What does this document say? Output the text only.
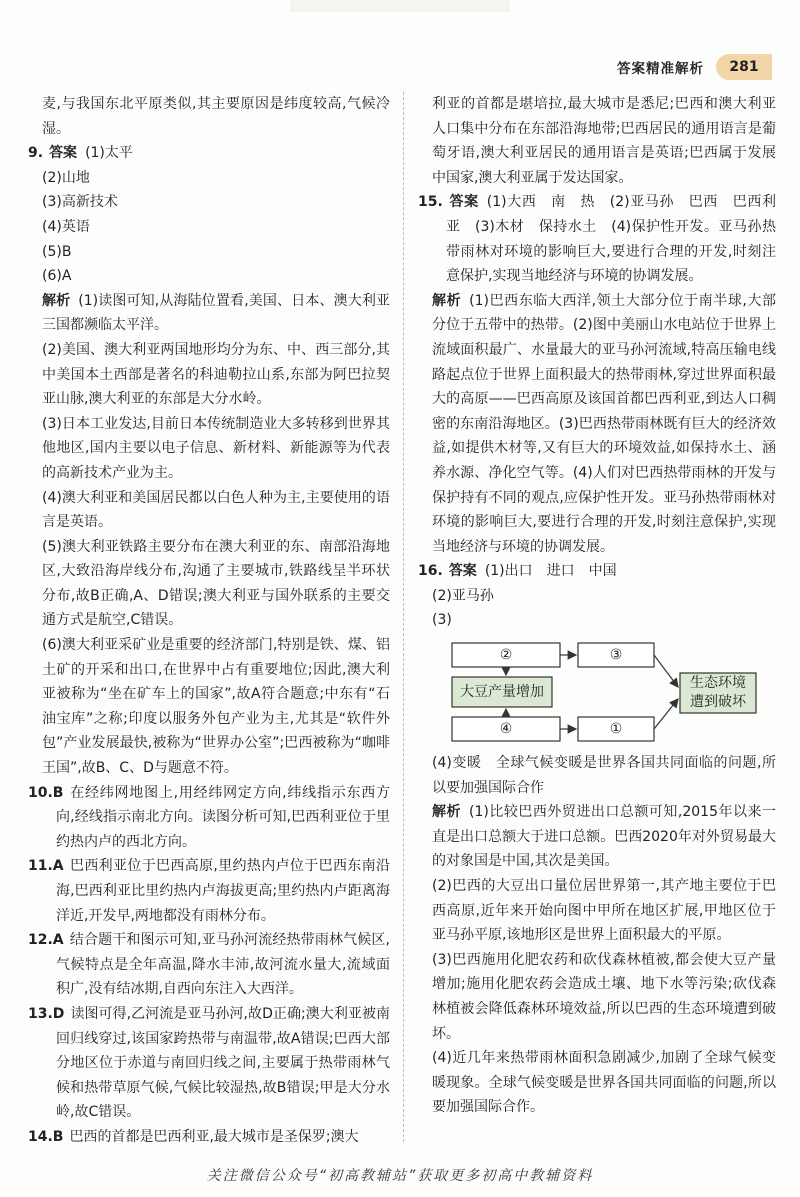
答案精准解析	281

麦,与我国东北平原类似,其主要原因是纬度较高,气候冷湿。

9. 答案 (1)太平

(2)山地

(3)高新技术

(4)英语

(5)B

(6)A

解析 (1)读图可知,从海陆位置看,美国、日本、澳大利亚三国都濒临太平洋。

(2)美国、澳大利亚两国地形均分为东、中、西三部分,其中美国本土西部是著名的科迪勒拉山系,东部为阿巴拉契亚山脉,澳大利亚的东部是大分水岭。

(3)日本工业发达,目前日本传统制造业大多转移到世界其他地区,国内主要以电子信息、新材料、新能源等为代表的高新技术产业为主。

(4)澳大利亚和美国居民都以白色人种为主,主要使用的语言是英语。

(5)澳大利亚铁路主要分布在澳大利亚的东、南部沿海地区,大致沿海岸线分布,沟通了主要城市,铁路线呈半环状分布,故B正确,A、D错误;澳大利亚与国外联系的主要交通方式是航空,C错误。

(6)澳大利亚采矿业是重要的经济部门,特别是铁、煤、铝土矿的开采和出口,在世界中占有重要地位;因此,澳大利亚被称为“坐在矿车上的国家”,故A符合题意;中东有“石油宝库”之称;印度以服务外包产业为主,尤其是“软件外包”产业发展最快,被称为“世界办公室”;巴西被称为“咖啡王国”,故B、C、D与题意不符。

10.B 在经纬网地图上,用经纬网定方向,纬线指示东西方向,经线指示南北方向。读图分析可知,巴西利亚位于里约热内卢的西北方向。

11.A 巴西利亚位于巴西高原,里约热内卢位于巴西东南沿海,巴西利亚比里约热内卢海拔更高;里约热内卢距离海洋近,开发早,两地都没有雨林分布。

12.A 结合题干和图示可知,亚马孙河流经热带雨林气候区,气候特点是全年高温,降水丰沛,故河流水量大,流域面积广,没有结冰期,自西向东注入大西洋。

13.D 读图可得,乙河流是亚马孙河,故D正确;澳大利亚被南回归线穿过,该国家跨热带与南温带,故A错误;巴西大部分地区位于赤道与南回归线之间,主要属于热带雨林气候和热带草原气候,气候比较湿热,故B错误;甲是大分水岭,故C错误。

14.B 巴西的首都是巴西利亚,最大城市是圣保罗;澳大

利亚的首都是堪培拉,最大城市是悉尼;巴西和澳大利亚人口集中分布在东部沿海地带;巴西居民的通用语言是葡萄牙语,澳大利亚居民的通用语言是英语;巴西属于发展中国家,澳大利亚属于发达国家。

15. 答案 (1)大西　南　热　(2)亚马孙　巴西　巴西利亚　(3)木材　保持水土　(4)保护性开发。亚马孙热带雨林对环境的影响巨大,要进行合理的开发,时刻注意保护,实现当地经济与环境的协调发展。

解析 (1)巴西东临大西洋,领土大部分位于南半球,大部分位于五带中的热带。(2)图中美丽山水电站位于世界上流域面积最广、水量最大的亚马孙河流域,特高压输电线路起点位于世界上面积最大的热带雨林,穿过世界面积最大的高原——巴西高原及该国首都巴西利亚,到达人口稠密的东南沿海地区。(3)巴西热带雨林既有巨大的经济效益,如提供木材等,又有巨大的环境效益,如保持水土、涵养水源、净化空气等。(4)人们对巴西热带雨林的开发与保护持有不同的观点,应保护性开发。亚马孙热带雨林对环境的影响巨大,要进行合理的开发,时刻注意保护,实现当地经济与环境的协调发展。

16. 答案 (1)出口　进口　中国

(2)亚马孙

(3)

②	③
大豆产量增加
④	①
生态环境遭到破坏

(4)变暖　全球气候变暖是世界各国共同面临的问题,所以要加强国际合作

解析 (1)比较巴西外贸进出口总额可知,2015年以来一直是出口总额大于进口总额。巴西2020年对外贸易最大的对象国是中国,其次是美国。

(2)巴西的大豆出口量位居世界第一,其产地主要位于巴西高原,近年来开始向图中甲所在地区扩展,甲地区位于亚马孙平原,该地形区是世界上面积最大的平原。

(3)巴西施用化肥农药和砍伐森林植被,都会使大豆产量增加;施用化肥农药会造成土壤、地下水等污染;砍伐森林植被会降低森林环境效益,所以巴西的生态环境遭到破坏。

(4)近几年来热带雨林面积急剧减少,加剧了全球气候变暖现象。全球气候变暖是世界各国共同面临的问题,所以要加强国际合作。

关注微信公众号“初高教辅站”获取更多初高中教辅资料
